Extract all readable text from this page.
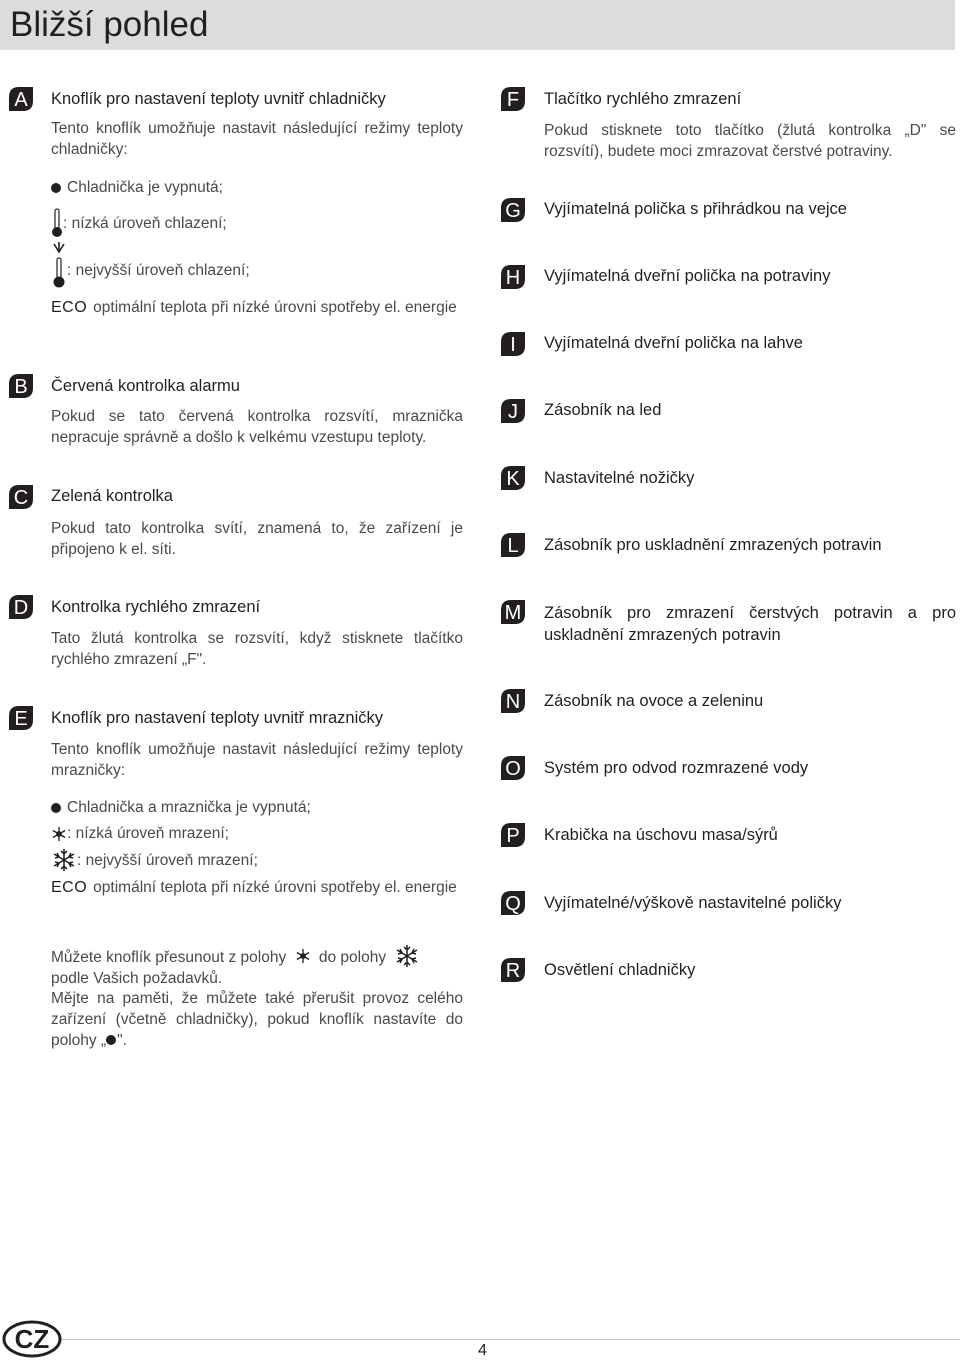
Bližší pohled
A Knoflík pro nastavení teploty uvnitř chladničky
Tento knoflík umožňuje nastavit následující režimy teploty chladničky:
Chladnička je vypnutá;
: nízká úroveň chlazení;
: nejvyšší úroveň chlazení;
ECO optimální teplota při nízké úrovni spotřeby el. energie
B Červená kontrolka alarmu
Pokud se tato červená kontrolka rozsvítí, mraznička nepracuje správně a došlo k velkému vzestupu teploty.
C Zelená kontrolka
Pokud tato kontrolka svítí, znamená to, že zařízení je připojeno k el. síti.
D Kontrolka rychlého zmrazení
Tato žlutá kontrolka se rozsvítí, když stisknete tlačítko rychlého zmrazení „F".
E Knoflík pro nastavení teploty uvnitř mrazničky
Tento knoflík umožňuje nastavit následující režimy teploty mrazničky:
Chladnička a mraznička je vypnutá;
: nízká úroveň mrazení;
: nejvyšší úroveň mrazení;
ECO optimální teplota při nízké úrovni spotřeby el. energie
Můžete knoflík přesunout z polohy do polohy
podle Vašich požadavků.
Mějte na paměti, že můžete také přerušit provoz celého zařízení (včetně chladničky), pokud knoflík nastavíte do polohy „ ".
F Tlačítko rychlého zmrazení
Pokud stisknete toto tlačítko (žlutá kontrolka „D" se rozsvítí), budete moci zmrazovat čerstvé potraviny.
G Vyjímatelná polička s přihrádkou na vejce
H Vyjímatelná dveřní polička na potraviny
I Vyjímatelná dveřní polička na lahve
J Zásobník na led
K Nastavitelné nožičky
L Zásobník pro uskladnění zmrazených potravin
M Zásobník pro zmrazení čerstvých potravin a pro uskladnění zmrazených potravin
N Zásobník na ovoce a zeleninu
O Systém pro odvod rozmrazené vody
P Krabička na úschovu masa/sýrů
Q Vyjímatelné/výškově nastavitelné poličky
R Osvětlení chladničky
CZ	4
